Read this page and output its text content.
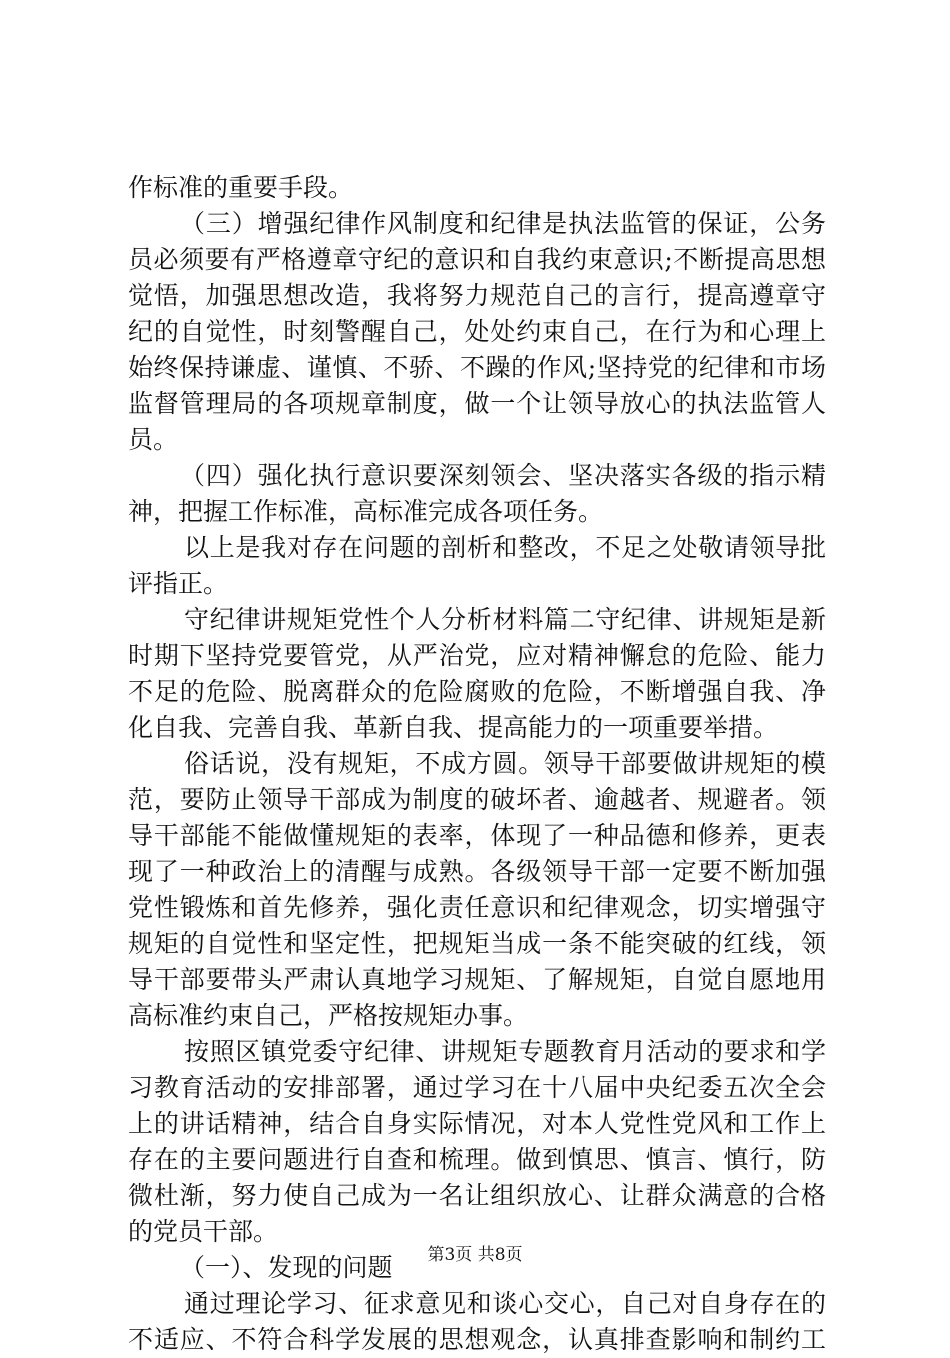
作标准的重要手段。
（三）增强纪律作风制度和纪律是执法监管的保证，公务
员必须要有严格遵章守纪的意识和自我约束意识;不断提高思想
觉悟，加强思想改造，我将努力规范自己的言行，提高遵章守
纪的自觉性，时刻警醒自己，处处约束自己，在行为和心理上
始终保持谦虚、谨慎、不骄、不躁的作风;坚持党的纪律和市场
监督管理局的各项规章制度，做一个让领导放心的执法监管人
员。
（四）强化执行意识要深刻领会、坚决落实各级的指示精
神，把握工作标准，高标准完成各项任务。
以上是我对存在问题的剖析和整改，不足之处敬请领导批
评指正。
守纪律讲规矩党性个人分析材料篇二守纪律、讲规矩是新
时期下坚持党要管党，从严治党，应对精神懈怠的危险、能力
不足的危险、脱离群众的危险腐败的危险，不断增强自我、净
化自我、完善自我、革新自我、提高能力的一项重要举措。
俗话说，没有规矩，不成方圆。领导干部要做讲规矩的模
范，要防止领导干部成为制度的破坏者、逾越者、规避者。领
导干部能不能做懂规矩的表率，体现了一种品德和修养，更表
现了一种政治上的清醒与成熟。各级领导干部一定要不断加强
党性锻炼和首先修养，强化责任意识和纪律观念，切实增强守
规矩的自觉性和坚定性，把规矩当成一条不能突破的红线，领
导干部要带头严肃认真地学习规矩、了解规矩，自觉自愿地用
高标准约束自己，严格按规矩办事。
按照区镇党委守纪律、讲规矩专题教育月活动的要求和学
习教育活动的安排部署，通过学习在十八届中央纪委五次全会
上的讲话精神，结合自身实际情况，对本人党性党风和工作上
存在的主要问题进行自查和梳理。做到慎思、慎言、慎行，防
微杜渐，努力使自己成为一名让组织放心、让群众满意的合格
的党员干部。
（一）、发现的问题
通过理论学习、征求意见和谈心交心，自己对自身存在的
不适应、不符合科学发展的思想观念，认真排查影响和制约工
第3页 共8页
